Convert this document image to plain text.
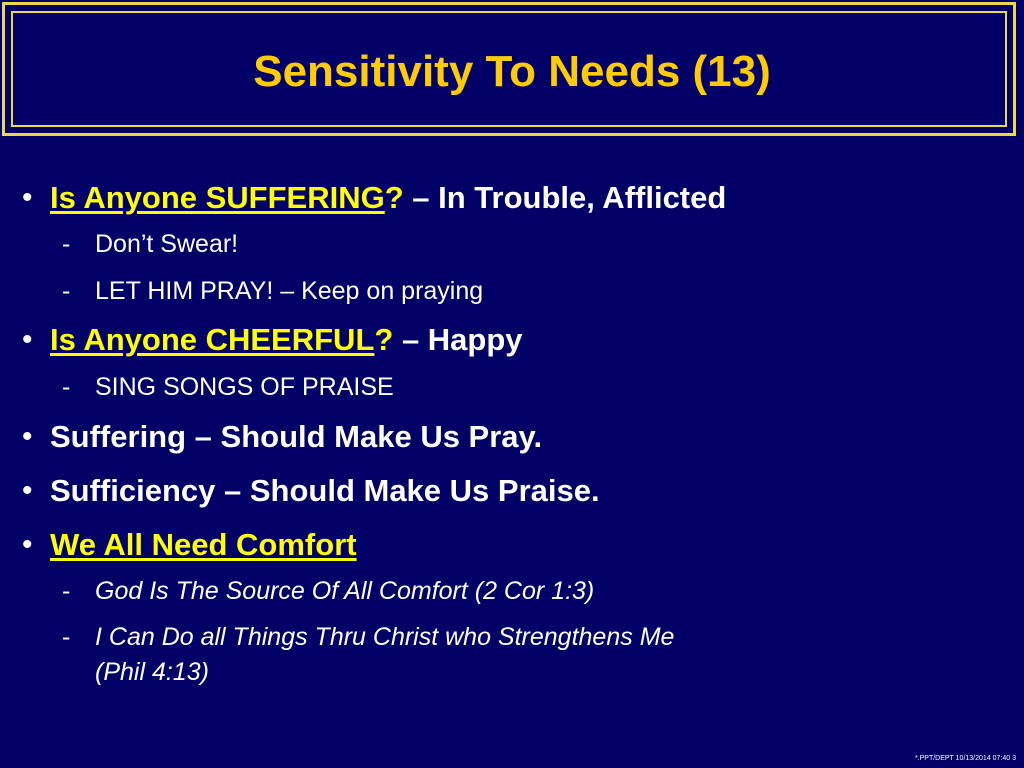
Sensitivity To Needs (13)
• Is Anyone SUFFERING? – In Trouble, Afflicted
- Don’t Swear!
- LET HIM PRAY! – Keep on praying
• Is Anyone CHEERFUL? – Happy
- SING SONGS OF PRAISE
• Suffering – Should Make Us Pray.
• Sufficiency – Should Make Us Praise.
• We All Need Comfort
- God Is The Source Of All Comfort (2 Cor 1:3)
- I Can Do all Things Thru Christ who Strengthens Me
(Phil 4:13)
*.PPT/DEPT 10/13/2014 07:40 3
